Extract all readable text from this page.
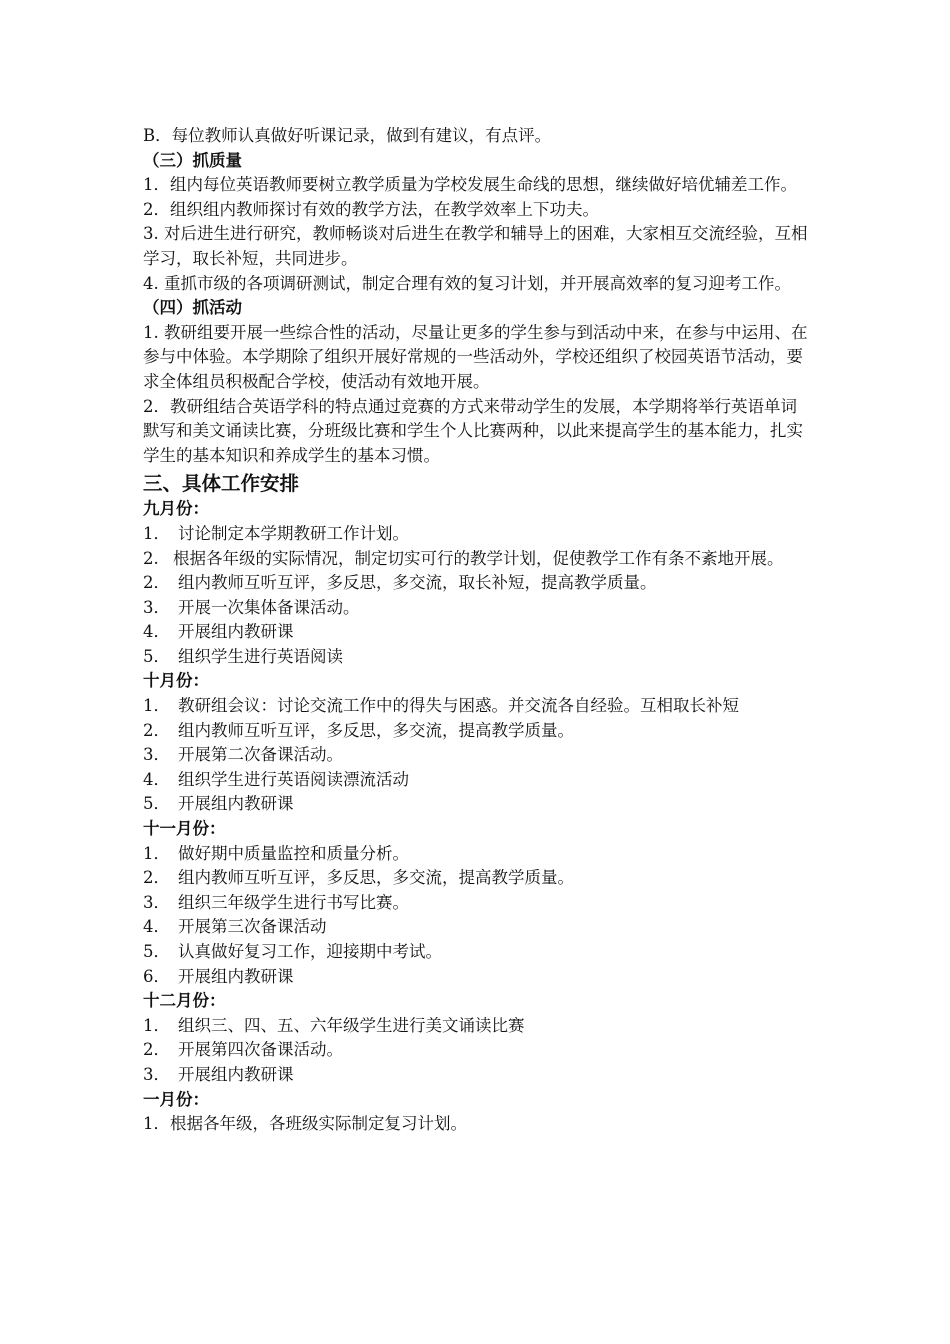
B．每位教师认真做好听课记录，做到有建议，有点评。

（三）抓质量

1．组内每位英语教师要树立教学质量为学校发展生命线的思想，继续做好培优辅差工作。

2．组织组内教师探讨有效的教学方法，在教学效率上下功夫。

3. 对后进生进行研究，教师畅谈对后进生在教学和辅导上的困难，大家相互交流经验，互相学习，取长补短，共同进步。

4. 重抓市级的各项调研测试，制定合理有效的复习计划，并开展高效率的复习迎考工作。

（四）抓活动

1. 教研组要开展一些综合性的活动，尽量让更多的学生参与到活动中来，在参与中运用、在参与中体验。本学期除了组织开展好常规的一些活动外，学校还组织了校园英语节活动，要求全体组员积极配合学校，使活动有效地开展。

2．教研组结合英语学科的特点通过竞赛的方式来带动学生的发展，本学期将举行英语单词默写和美文诵读比赛，分班级比赛和学生个人比赛两种，以此来提高学生的基本能力，扎实学生的基本知识和养成学生的基本习惯。

三、具体工作安排

九月份：

1． 讨论制定本学期教研工作计划。

2. 根据各年级的实际情况，制定切实可行的教学计划，促使教学工作有条不紊地开展。

2． 组内教师互听互评，多反思，多交流，取长补短，提高教学质量。

3． 开展一次集体备课活动。

4． 开展组内教研课

5． 组织学生进行英语阅读

十月份：

1． 教研组会议：讨论交流工作中的得失与困惑。并交流各自经验。互相取长补短

2． 组内教师互听互评，多反思，多交流，提高教学质量。

3． 开展第二次备课活动。

4． 组织学生进行英语阅读漂流活动

5． 开展组内教研课

十一月份：

1． 做好期中质量监控和质量分析。

2． 组内教师互听互评，多反思，多交流，提高教学质量。

3． 组织三年级学生进行书写比赛。

4． 开展第三次备课活动

5． 认真做好复习工作，迎接期中考试。

6． 开展组内教研课

十二月份：

1． 组织三、四、五、六年级学生进行美文诵读比赛

2． 开展第四次备课活动。

3． 开展组内教研课

一月份：

1．根据各年级，各班级实际制定复习计划。
